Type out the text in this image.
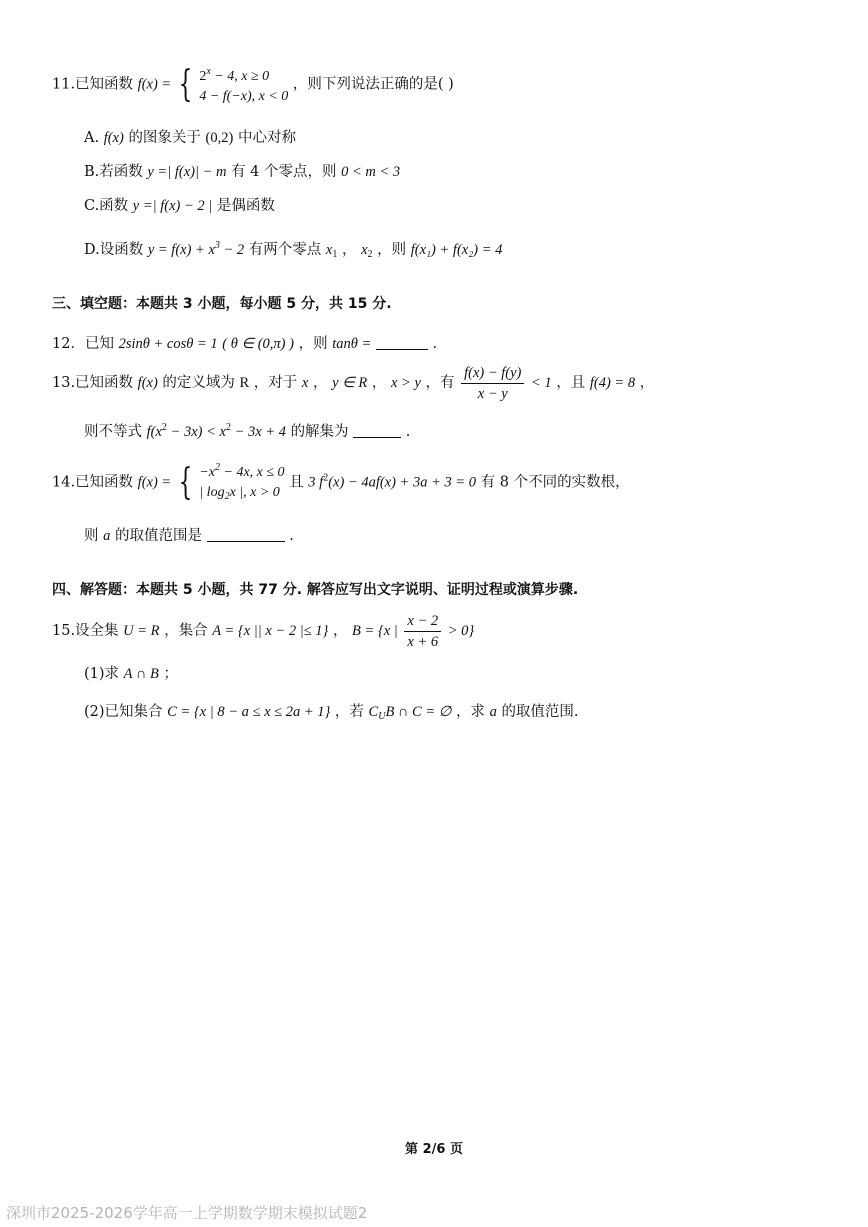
11.已知函数 f(x) = { $2^x - 4$, x ≥ 0
4 − f(−x), x < 0
，则下列说法正确的是( )
A. f(x) 的图象关于 (0,2) 中心对称
B.若函数 y =| f(x)| − m 有 4 个零点，则 0 < m < 3
C.函数 y =| f(x) − 2 | 是偶函数
D.设函数 $y = f(x) + x^3 - 2$ 有两个零点 $x_1$ ， $x_2$ ，则 f(x₁) + f(x₂) = 4
三、填空题：本题共 3 小题，每小题 5 分，共 15 分.
12．已知 2sinθ + cosθ = 1 ( θ ∈ (0,π) ) ，则 tanθ =	.
13.已知函数 f(x) 的定义域为 R ，对于 x ， y ∈ R ， x > y ，有 $\frac{f(x) - f(y)}{x - y} < 1$ ，且 f(4) = 8 ，
则不等式 $f(x^2 - 3x) < x^2 - 3x + 4$ 的解集为	.
14.已知函数 f(x) = { $-x^2 - 4x$, x ≤ 0
| $\log_2x$ |, x > 0
且 3 $f^2(x) - 4af(x) + 3a + 3 = 0$ 有 8 个不同的实数根，
则 a 的取值范围是	.
四、解答题：本题共 5 小题，共 77 分. 解答应写出文字说明、证明过程或演算步骤.
15.设全集 U = R ，集合 A = {x || x − 2 |≤ 1} ， B = {x | $\frac{x - 2}{x + 6} > 0$}
(1)求 A ∩ B ；
(2)已知集合 C = {x | 8 − a ≤ x ≤ 2a + 1} ，若 $C_UB$ ∩ C = ∅ ，求 a 的取值范围.
第 2/6 页
深圳市2025-2026学年高一上学期数学期末模拟试题2
